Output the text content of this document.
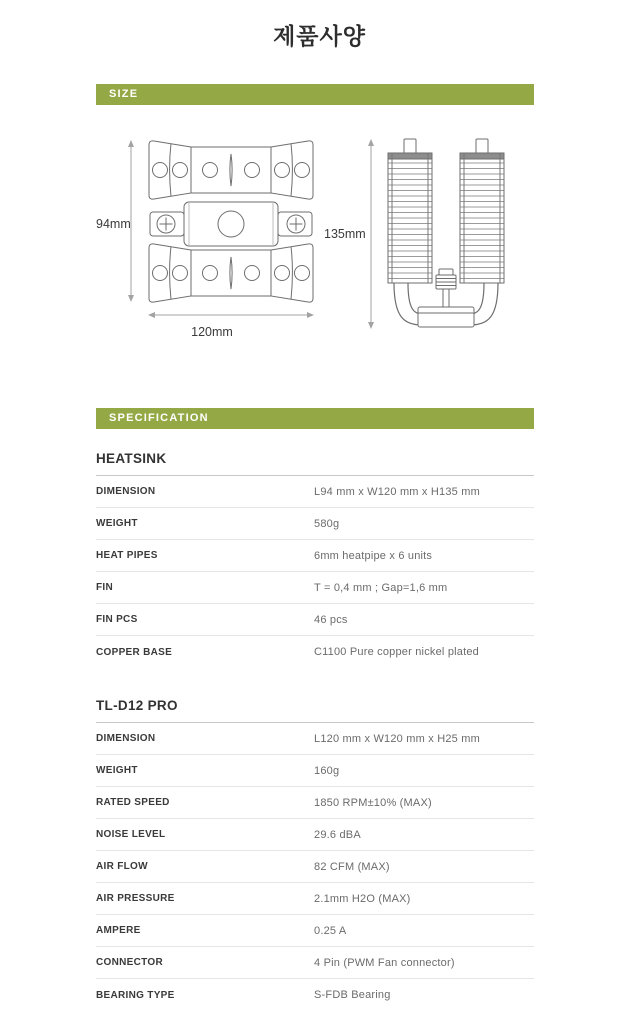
제품사양
SIZE
94mm
120mm
135mm
SPECIFICATION
HEATSINK
DIMENSION	L94 mm x W120 mm x H135 mm
WEIGHT	580g
HEAT PIPES	6mm heatpipe x 6 units
FIN	T = 0,4 mm ; Gap=1,6 mm
FIN PCS	46 pcs
COPPER BASE	C1100 Pure copper nickel plated
TL-D12 PRO
DIMENSION	L120 mm x W120 mm x H25 mm
WEIGHT	160g
RATED SPEED	1850 RPM±10% (MAX)
NOISE LEVEL	29.6 dBA
AIR FLOW	82 CFM (MAX)
AIR PRESSURE	2.1mm H2O (MAX)
AMPERE	0.25 A
CONNECTOR	4 Pin (PWM Fan connector)
BEARING TYPE	S-FDB Bearing
